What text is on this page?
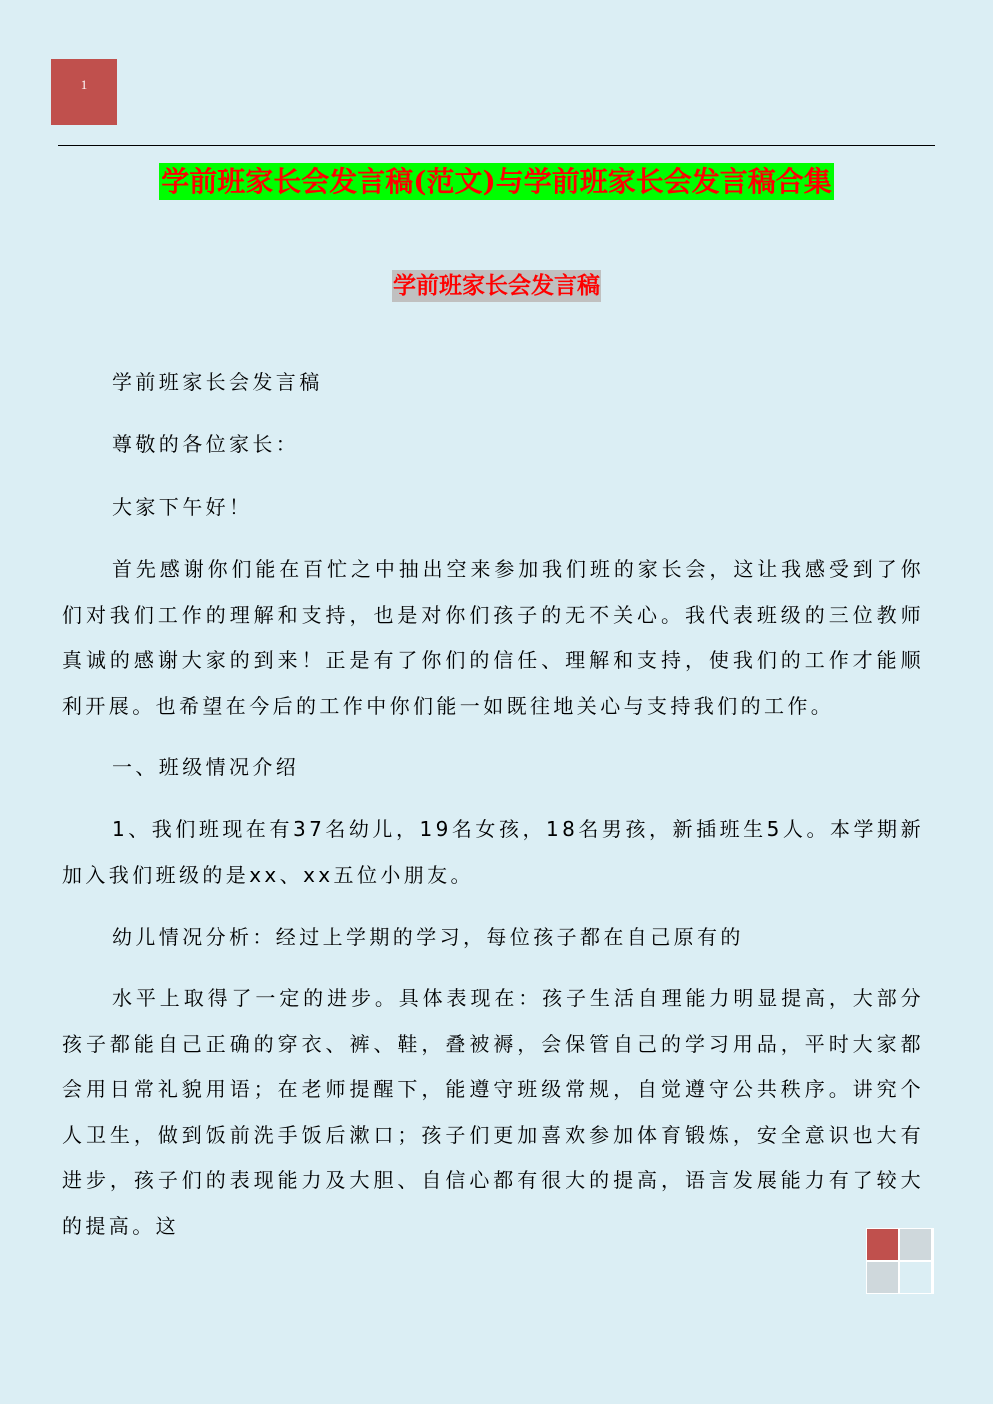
1
学前班家长会发言稿(范文)与学前班家长会发言稿合集
学前班家长会发言稿
学前班家长会发言稿
尊敬的各位家长：
大家下午好！
首先感谢你们能在百忙之中抽出空来参加我们班的家长会，这让我感受到了你们对我们工作的理解和支持，也是对你们孩子的无不关心。我代表班级的三位教师真诚的感谢大家的到来！正是有了你们的信任、理解和支持，使我们的工作才能顺利开展。也希望在今后的工作中你们能一如既往地关心与支持我们的工作。
一、班级情况介绍
1、我们班现在有37名幼儿，19名女孩，18名男孩，新插班生5人。本学期新加入我们班级的是xx、xx五位小朋友。
幼儿情况分析：经过上学期的学习，每位孩子都在自己原有的
水平上取得了一定的进步。具体表现在：孩子生活自理能力明显提高，大部分孩子都能自己正确的穿衣、裤、鞋，叠被褥，会保管自己的学习用品，平时大家都会用日常礼貌用语；在老师提醒下，能遵守班级常规，自觉遵守公共秩序。讲究个人卫生，做到饭前洗手饭后漱口；孩子们更加喜欢参加体育锻炼，安全意识也大有进步，孩子们的表现能力及大胆、自信心都有很大的提高，语言发展能力有了较大的提高。这
